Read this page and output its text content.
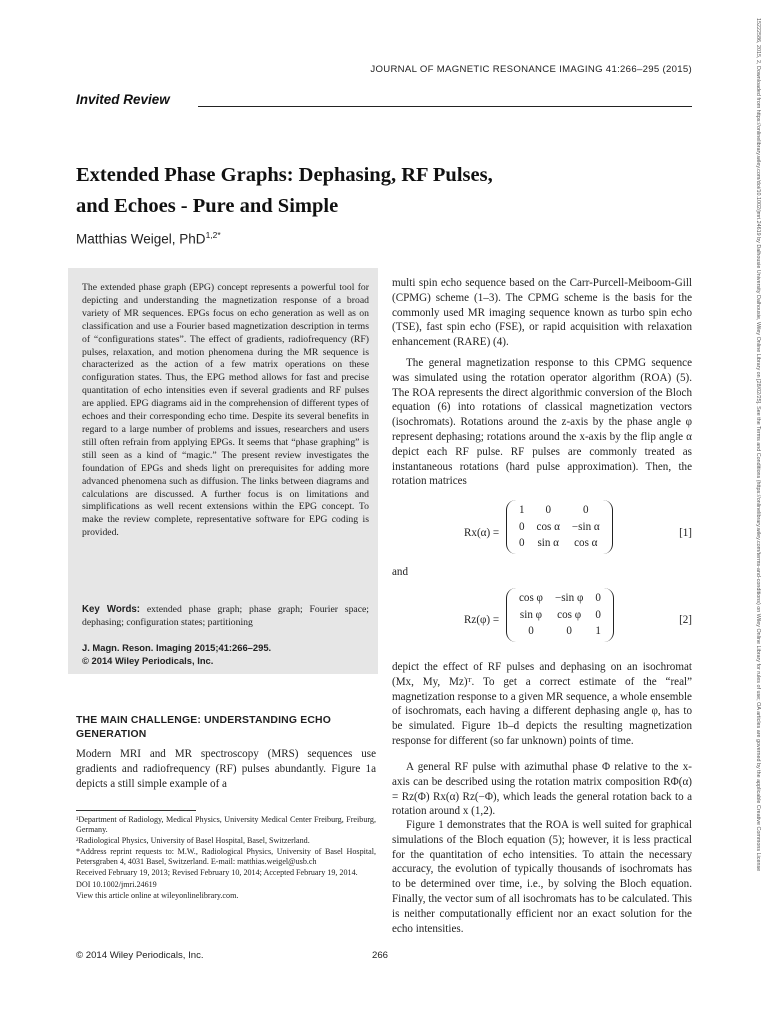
15222586, 2015, 2, Downloaded from https://onlinelibrary.wiley.com/doi/10.1002/jmri.24619 by Dalhousie University Dalhousie, Wiley Online Library on [28/02/25]. See the Terms and Conditions (https://onlinelibrary.wiley.com/terms-and-conditions) on Wiley Online Library for rules of use; OA articles are governed by the applicable Creative Commons License
JOURNAL OF MAGNETIC RESONANCE IMAGING 41:266–295 (2015)
Invited Review
Extended Phase Graphs: Dephasing, RF Pulses,
and Echoes - Pure and Simple
Matthias Weigel, PhD$^{1,2*}$

The extended phase graph (EPG) concept represents a powerful tool for depicting and understanding the magnetization response of a broad variety of MR sequences. EPGs focus on echo generation as well as on classification and use a Fourier based magnetization description in terms of “configurations states”. The effect of gradients, radiofrequency (RF) pulses, relaxation, and motion phenomena during the MR sequence is characterized as the action of a few matrix operations on these configuration states. Thus, the EPG method allows for fast and precise quantitation of echo intensities even if several gradients and RF pulses are applied. EPG diagrams aid in the comprehension of different types of echoes and their corresponding echo time. Despite its several benefits in regard to a large number of problems and issues, researchers and users still often refrain from applying EPGs. It seems that “phase graphing” is still seen as a kind of “magic.” The present review investigates the foundation of EPGs and sheds light on prerequisites for adding more advanced phenomena such as diffusion. The links between diagrams and calculations are discussed. A further focus is on limitations and simplifications as well recent extensions within the EPG concept. To make the review complete, representative software for EPG coding is provided.

Key Words: extended phase graph; phase graph; Fourier space; dephasing; configuration states; partitioning

J. Magn. Reson. Imaging 2015;41:266–295.
© 2014 Wiley Periodicals, Inc.
THE MAIN CHALLENGE: UNDERSTANDING ECHO GENERATION

Modern MRI and MR spectroscopy (MRS) sequences use gradients and radiofrequency (RF) pulses abundantly. Figure 1a depicts a still simple example of a

¹Department of Radiology, Medical Physics, University Medical Center Freiburg, Freiburg, Germany.

²Radiological Physics, University of Basel Hospital, Basel, Switzerland.

*Address reprint requests to: M.W., Radiological Physics, University of Basel Hospital, Petersgraben 4, 4031 Basel, Switzerland. E-mail: matthias.weigel@usb.ch

Received February 19, 2013; Revised February 10, 2014; Accepted February 19, 2014.

DOI 10.1002/jmri.24619

View this article online at wileyonlinelibrary.com.

© 2014 Wiley Periodicals, Inc.	266

multi spin echo sequence based on the Carr-Purcell-Meiboom-Gill (CPMG) scheme (1–3). The CPMG scheme is the basis for the commonly used MR imaging sequence known as turbo spin echo (TSE), fast spin echo (FSE), or rapid acquisition with relaxation enhancement (RARE) (4).

The general magnetization response to this CPMG sequence was simulated using the rotation operator algorithm (ROA) (5). The ROA represents the direct algorithmic conversion of the Bloch equation (6) into rotations of classical magnetization vectors (isochromats). Rotations around the z-axis by the phase angle φ represent dephasing; rotations around the x-axis by the flip angle α depict each RF pulse. RF pulses are commonly treated as instantaneous rotations (hard pulse approximation). Then, the rotation matrices

Rx(α) =
1	0	0
0	cos α	−sin α
0	sin α	cos α
[1]
and
Rz(φ) =
cos φ	−sin φ	0
sin φ	cos φ	0
0	0	1
[2]

depict the effect of RF pulses and dephasing on an isochromat (Mx, My, Mz)ᵀ. To get a correct estimate of the “real” magnetization response to a given MR sequence, a whole ensemble of isochromats, each having a different dephasing angle φ, has to be simulated. Figure 1b–d depicts the resulting magnetization response for different (so far unknown) points of time.

A general RF pulse with azimuthal phase Φ relative to the x-axis can be described using the rotation matrix composition RΦ(α) = Rz(Φ) Rx(α) Rz(−Φ), which leads the general rotation back to a rotation around x (1,2).

Figure 1 demonstrates that the ROA is well suited for graphical simulations of the Bloch equation (5); however, it is less practical for the quantitation of echo intensities. To attain the necessary accuracy, the evolution of typically thousands of isochromats has to be determined over time, i.e., by solving the Bloch equation. Finally, the vector sum of all isochromats has to be calculated. This is neither computationally efficient nor an exact solution for the echo intensities.
